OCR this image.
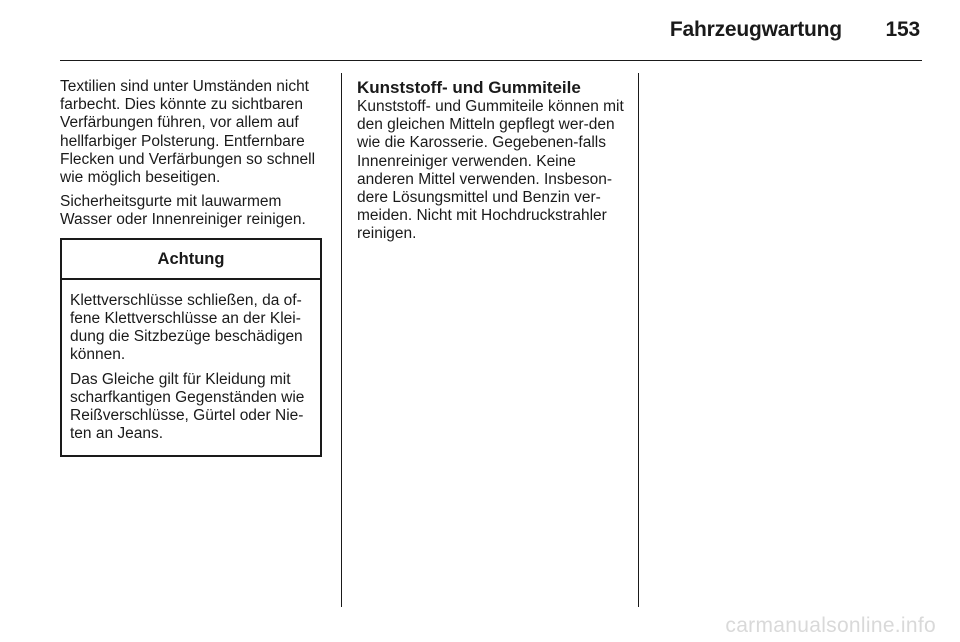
Fahrzeugwartung 153

Textilien sind unter Umständen nicht farbecht. Dies könnte zu sichtbaren Verfärbungen führen, vor allem auf hellfarbiger Polsterung. Entfernbare Flecken und Verfärbungen so schnell wie möglich beseitigen.

Sicherheitsgurte mit lauwarmem Wasser oder Innenreiniger reinigen.

Achtung

Klettverschlüsse schließen, da of-fene Klettverschlüsse an der Klei-dung die Sitzbezüge beschädigen können.

Das Gleiche gilt für Kleidung mit scharfkantigen Gegenständen wie Reißverschlüsse, Gürtel oder Nie-ten an Jeans.

Kunststoff- und Gummiteile

Kunststoff- und Gummiteile können mit den gleichen Mitteln gepflegt wer-den wie die Karosserie. Gegebenen-falls Innenreiniger verwenden. Keine anderen Mittel verwenden. Insbeson-dere Lösungsmittel und Benzin ver-meiden. Nicht mit Hochdruckstrahler reinigen.

carmanualsonline.info
